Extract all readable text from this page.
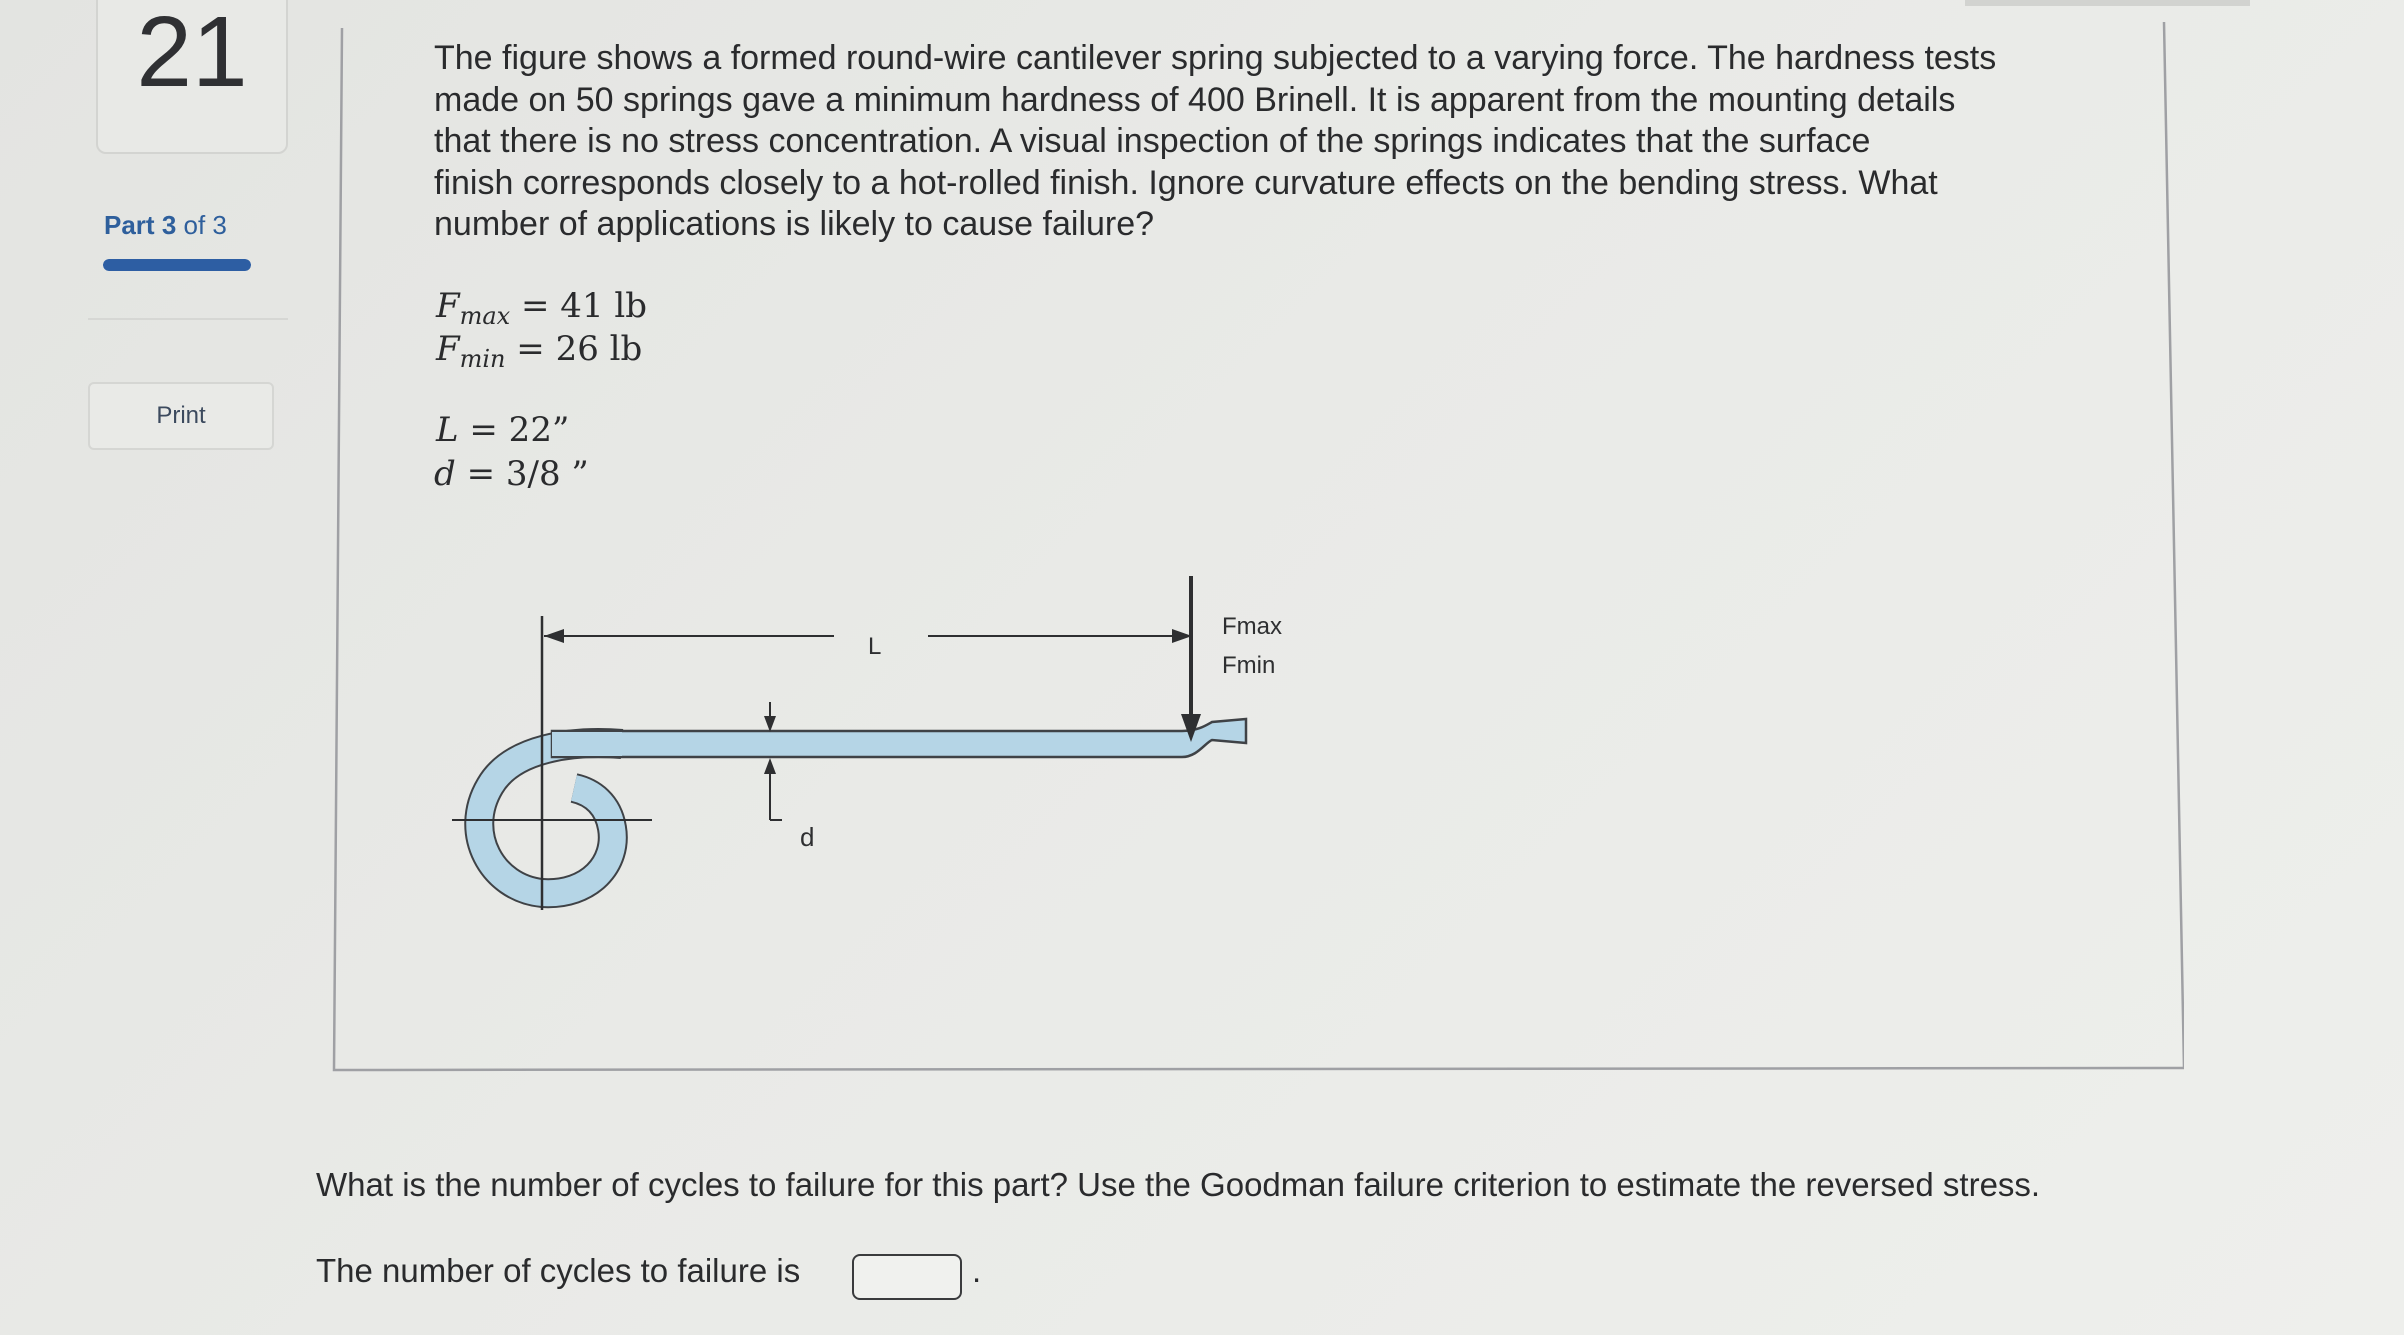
21
Part 3 of 3
Print
The figure shows a formed round-wire cantilever spring subjected to a varying force. The hardness tests
made on 50 springs gave a minimum hardness of 400 Brinell. It is apparent from the mounting details
that there is no stress concentration. A visual inspection of the springs indicates that the surface
finish corresponds closely to a hot-rolled finish. Ignore curvature effects on the bending stress. What
number of applications is likely to cause failure?
$F_{max} = 41$ lb
$F_{min} = 26$ lb
L = 22”
d = 3/8 ”
L
Fmax
Fmin
d
What is the number of cycles to failure for this part? Use the Goodman failure criterion to estimate the reversed stress.
The number of cycles to failure is	.
